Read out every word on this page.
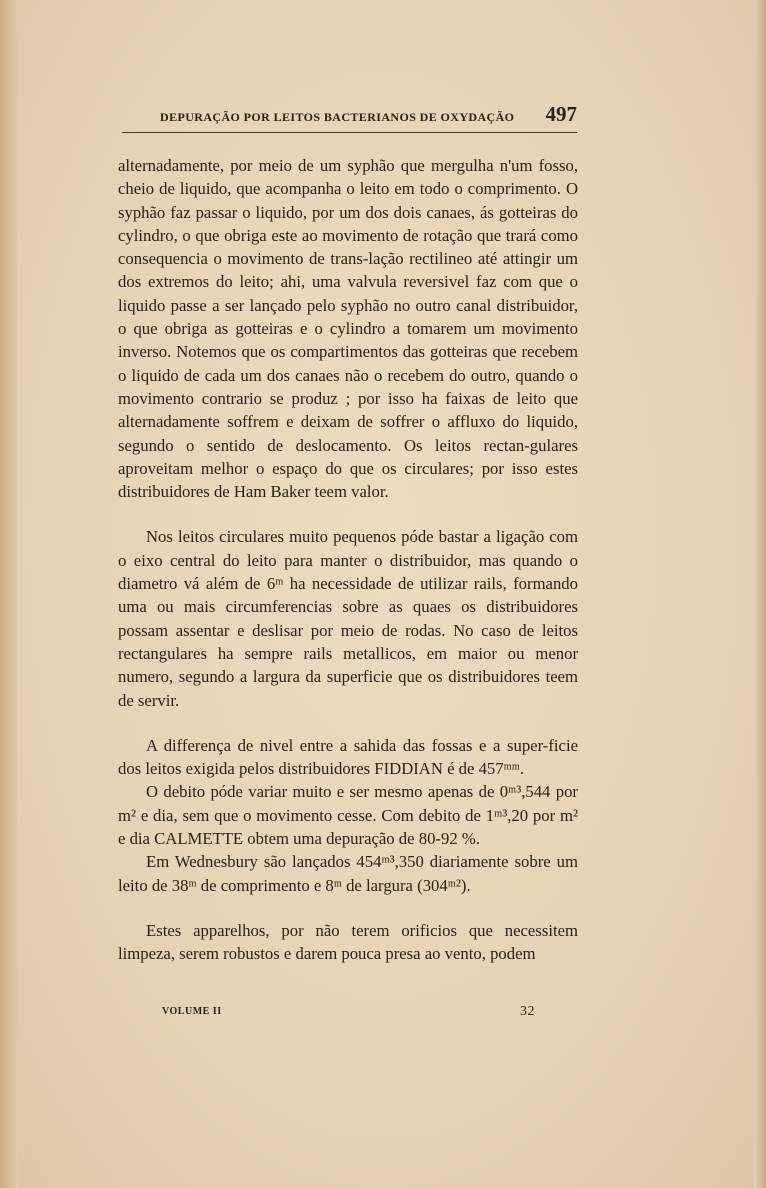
DEPURAÇÃO POR LEITOS BACTERIANOS DE OXYDAÇÃO 497

alternadamente, por meio de um syphão que mergulha n'um fosso, cheio de liquido, que acompanha o leito em todo o comprimento. O syphão faz passar o liquido, por um dos dois canaes, ás gotteiras do cylindro, o que obriga este ao movimento de rotação que trará como consequencia o movimento de trans-lação rectilineo até attingir um dos extremos do leito; ahi, uma valvula reversivel faz com que o liquido passe a ser lançado pelo syphão no outro canal distribuidor, o que obriga as gotteiras e o cylindro a tomarem um movimento inverso. Notemos que os compartimentos das gotteiras que recebem o liquido de cada um dos canaes não o recebem do outro, quando o movimento contrario se produz ; por isso ha faixas de leito que alternadamente soffrem e deixam de soffrer o affluxo do liquido, segundo o sentido de deslocamento. Os leitos rectan-gulares aproveitam melhor o espaço do que os circulares; por isso estes distribuidores de Ham Baker teem valor.

Nos leitos circulares muito pequenos póde bastar a ligação com o eixo central do leito para manter o distribuidor, mas quando o diametro vá além de 6ᵐ ha necessidade de utilizar rails, formando uma ou mais circumferencias sobre as quaes os distribuidores possam assentar e deslisar por meio de rodas. No caso de leitos rectangulares ha sempre rails metallicos, em maior ou menor numero, segundo a largura da superficie que os distribuidores teem de servir.

A differença de nivel entre a sahida das fossas e a super-ficie dos leitos exigida pelos distribuidores FIDDIAN é de 457ᵐᵐ.

O debito póde variar muito e ser mesmo apenas de 0ᵐ³,544 por m² e dia, sem que o movimento cesse. Com debito de 1ᵐ³,20 por m² e dia CALMETTE obtem uma depuração de 80-92 %.

Em Wednesbury são lançados 454ᵐ³,350 diariamente sobre um leito de 38ᵐ de comprimento e 8ᵐ de largura (304ᵐ²).

Estes apparelhos, por não terem orificios que necessitem limpeza, serem robustos e darem pouca presa ao vento, podem

VOLUME II	32
